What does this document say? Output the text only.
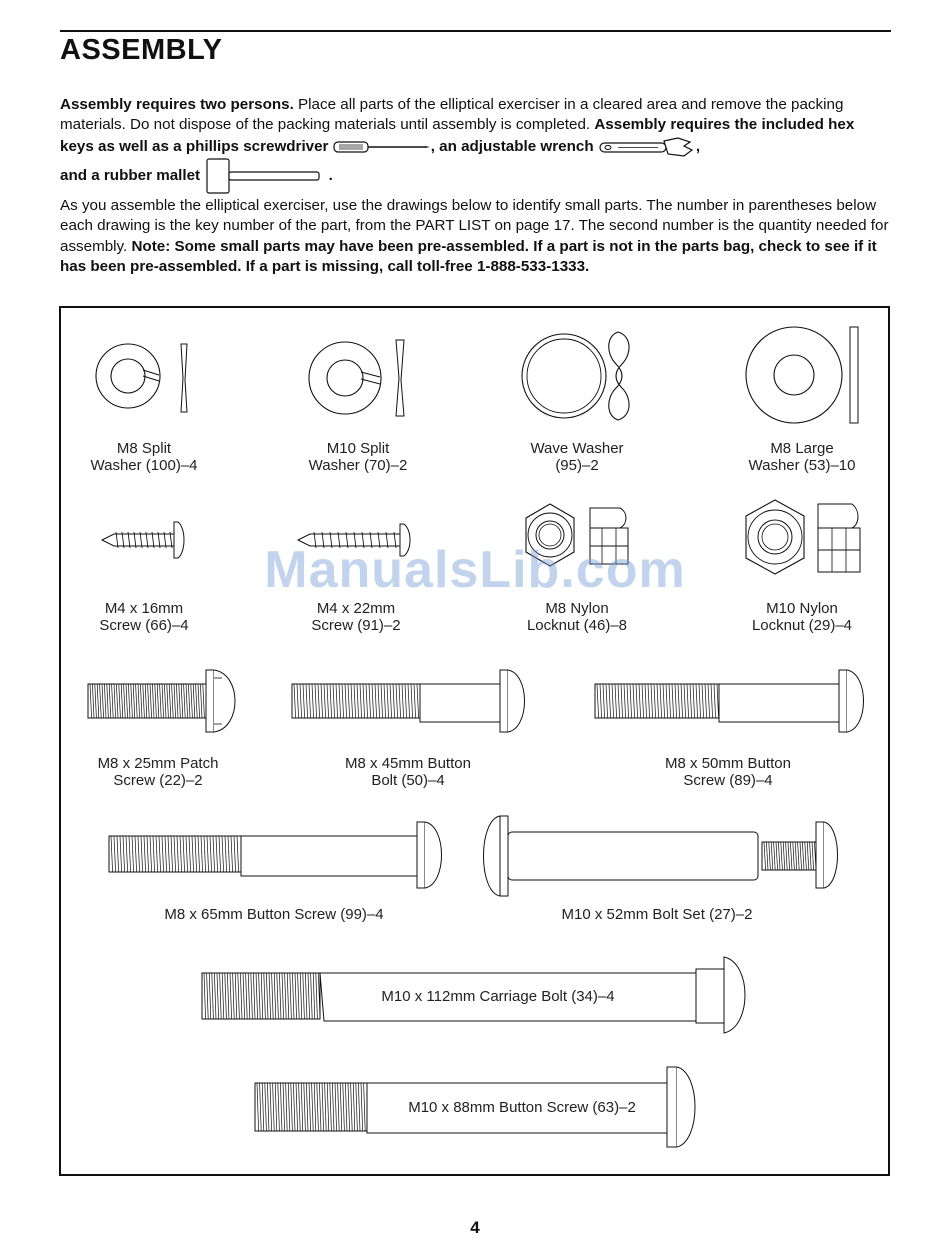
ASSEMBLY

Assembly requires two persons. Place all parts of the elliptical exerciser in a cleared area and remove the packing materials. Do not dispose of the packing materials until assembly is completed. Assembly requires the included hex keys as well as a phillips screwdriver	, an adjustable wrench	,
and a rubber mallet	.

As you assemble the elliptical exerciser, use the drawings below to identify small parts. The number in parentheses below each drawing is the key number of the part, from the PART LIST on page 17. The second number is the quantity needed for assembly. Note: Some small parts may have been pre-assembled. If a part is not in the parts bag, check to see if it has been pre-assembled. If a part is missing, call toll-free 1-888-533-1333.

M8 Split
Washer (100)–4
M10 Split
Washer (70)–2
Wave Washer
(95)–2
M8 Large
Washer (53)–10
M4 x 16mm
Screw (66)–4
M4 x 22mm
Screw (91)–2
M8 Nylon
Locknut (46)–8
M10 Nylon
Locknut (29)–4
M8 x 25mm Patch
Screw (22)–2
M8 x 45mm Button
Bolt (50)–4
M8 x 50mm Button
Screw (89)–4
M8 x 65mm Button Screw (99)–4	M10 x 52mm Bolt Set (27)–2
M10 x 112mm Carriage Bolt (34)–4
M10 x 88mm Button Screw (63)–2
ManualsLib.com
4
